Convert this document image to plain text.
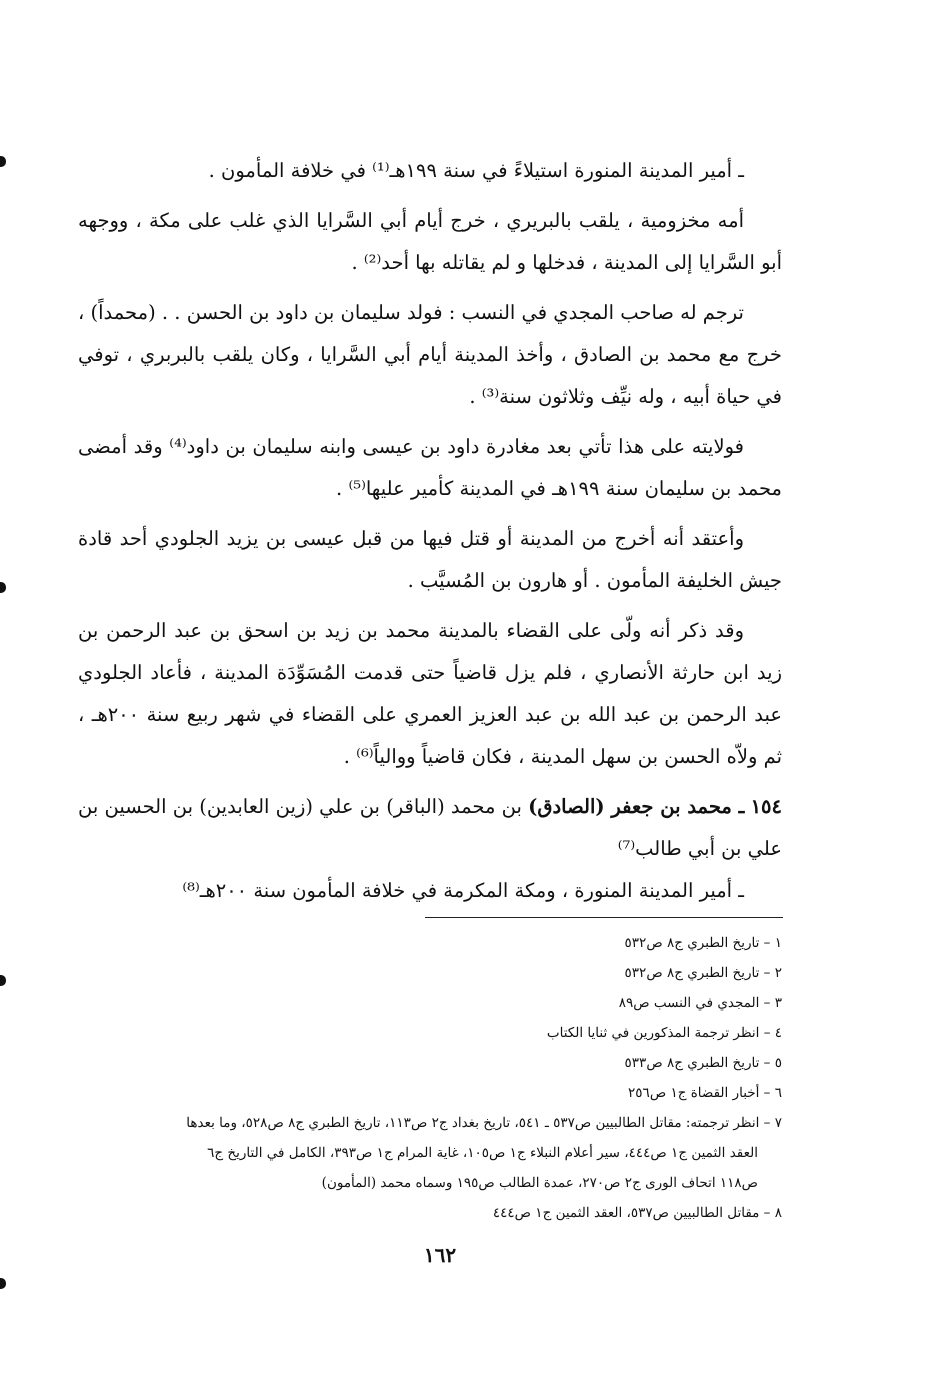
ـ أمير المدينة المنورة استيلاءً في سنة ١٩٩هـ⁽¹⁾ في خلافة المأمون .

أمه مخزومية ، يلقب بالبريري ، خرج أيام أبي السَّرايا الذي غلب على مكة ، ووجهه أبو السَّرايا إلى المدينة ، فدخلها و لم يقاتله بها أحد⁽²⁾ .

ترجم له صاحب المجدي في النسب : فولد سليمان بن داود بن الحسن . . (محمداً) ، خرج مع محمد بن الصادق ، وأخذ المدينة أيام أبي السَّرايا ، وكان يلقب بالبربري ، توفي في حياة أبيه ، وله نيِّف وثلاثون سنة⁽³⁾ .

فولايته على هذا تأتي بعد مغادرة داود بن عيسى وابنه سليمان بن داود⁽⁴⁾ وقد أمضى محمد بن سليمان سنة ١٩٩هـ في المدينة كأمير عليها⁽⁵⁾ .

وأعتقد أنه أخرج من المدينة أو قتل فيها من قبل عيسى بن يزيد الجلودي أحد قادة جيش الخليفة المأمون . أو هارون بن المُسيَّب .

وقد ذكر أنه ولّى على القضاء بالمدينة محمد بن زيد بن اسحق بن عبد الرحمن بن زيد ابن حارثة الأنصاري ، فلم يزل قاضياً حتى قدمت المُسَوِّدَة المدينة ، فأعاد الجلودي عبد الرحمن بن عبد الله بن عبد العزيز العمري على القضاء في شهر ربيع سنة ٢٠٠هـ ، ثم ولاّه الحسن بن سهل المدينة ، فكان قاضياً ووالياً⁽⁶⁾ .

١٥٤ ـ محمد بن جعفر (الصادق) بن محمد (الباقر) بن علي (زين العابدين) بن الحسين بن علي بن أبي طالب⁽⁷⁾

ـ أمير المدينة المنورة ، ومكة المكرمة في خلافة المأمون سنة ٢٠٠هـ⁽⁸⁾

١ – تاريخ الطبري ج٨ ص٥٣٢

٢ – تاريخ الطبري ج٨ ص٥٣٢

٣ – المجدي في النسب ص٨٩

٤ – انظر ترجمة المذكورين في ثنايا الكتاب

٥ – تاريخ الطبري ج٨ ص٥٣٣

٦ – أخبار القضاة ج١ ص٢٥٦

٧ – انظر ترجمته: مقاتل الطالبيين ص٥٣٧ ـ ٥٤١، تاريخ بغداد ج٢ ص١١٣، تاريخ الطبري ج٨ ص٥٢٨، وما بعدها

العقد الثمين ج١ ص٤٤٤، سير أعلام النبلاء ج١ ص١٠٥، غاية المرام ج١ ص٣٩٣، الكامل في التاريخ ج٦

ص١١٨ اتحاف الورى ج٢ ص٢٧٠، عمدة الطالب ص١٩٥ وسماه محمد (المأمون)

٨ – مقاتل الطالبيين ص٥٣٧، العقد الثمين ج١ ص٤٤٤

١٦٢
